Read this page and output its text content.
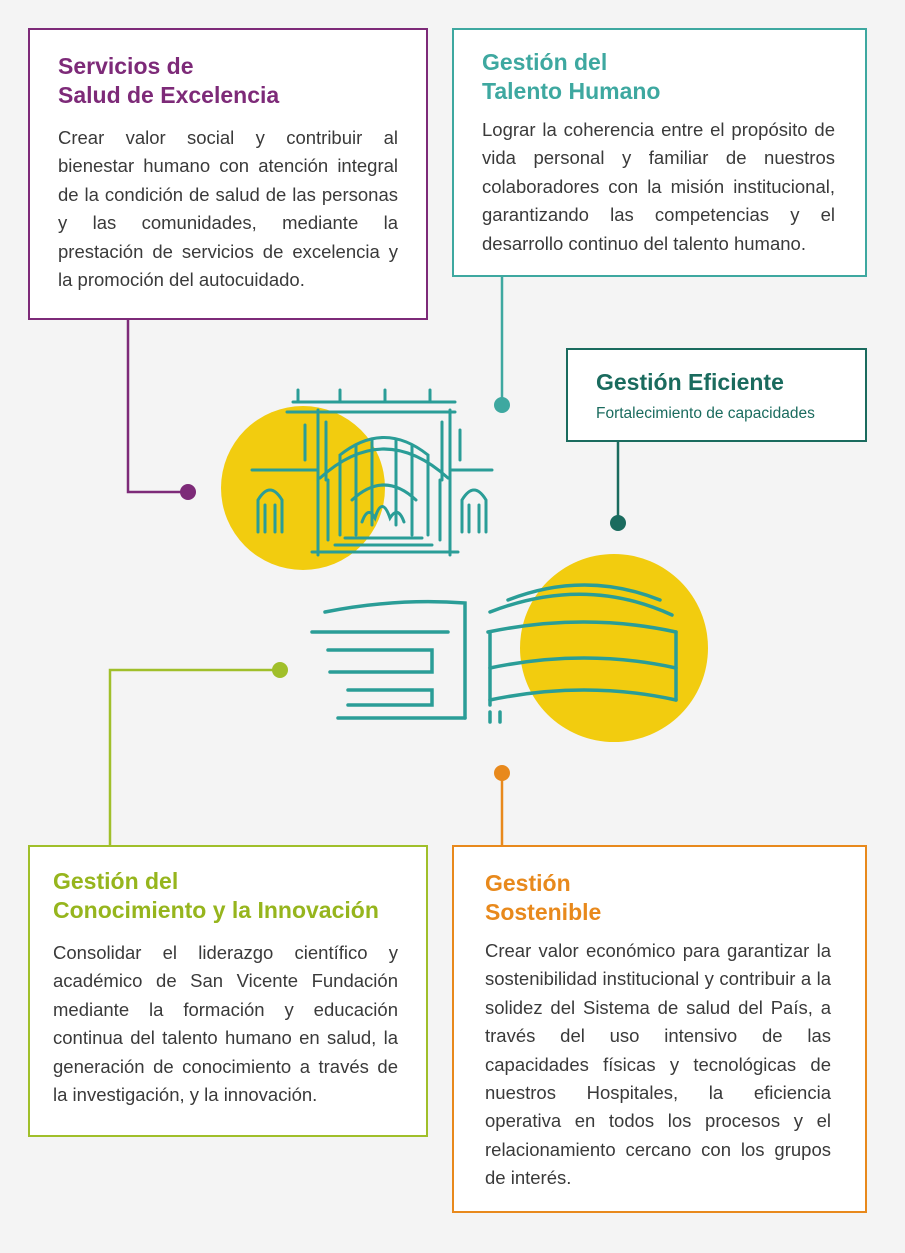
Servicios de
Salud de Excelencia

Crear valor social y contribuir al bienestar humano con atención integral de la condición de salud de las personas y las comunidades, mediante la prestación de servicios de excelencia y la promoción del autocuidado.

Gestión del
Talento Humano

Lograr la coherencia entre el propósito de vida personal y familiar de nuestros colaboradores con la misión institucional, garantizando las competencias y el desarrollo continuo del talento humano.

Gestión Eficiente
Fortalecimiento de capacidades
Gestión del
Conocimiento y la Innovación

Consolidar el liderazgo científico y académico de San Vicente Fundación mediante la formación y educación continua del talento humano en salud, la generación de conocimiento a través de la investigación, y la innovación.

Gestión
Sostenible

Crear valor económico para garantizar la sostenibilidad institucional y contribuir a la solidez del Sistema de salud del País, a través del uso intensivo de las capacidades físicas y tecnológicas de nuestros Hospitales, la eficiencia operativa en todos los procesos y el relacionamiento cercano con los grupos de interés.
